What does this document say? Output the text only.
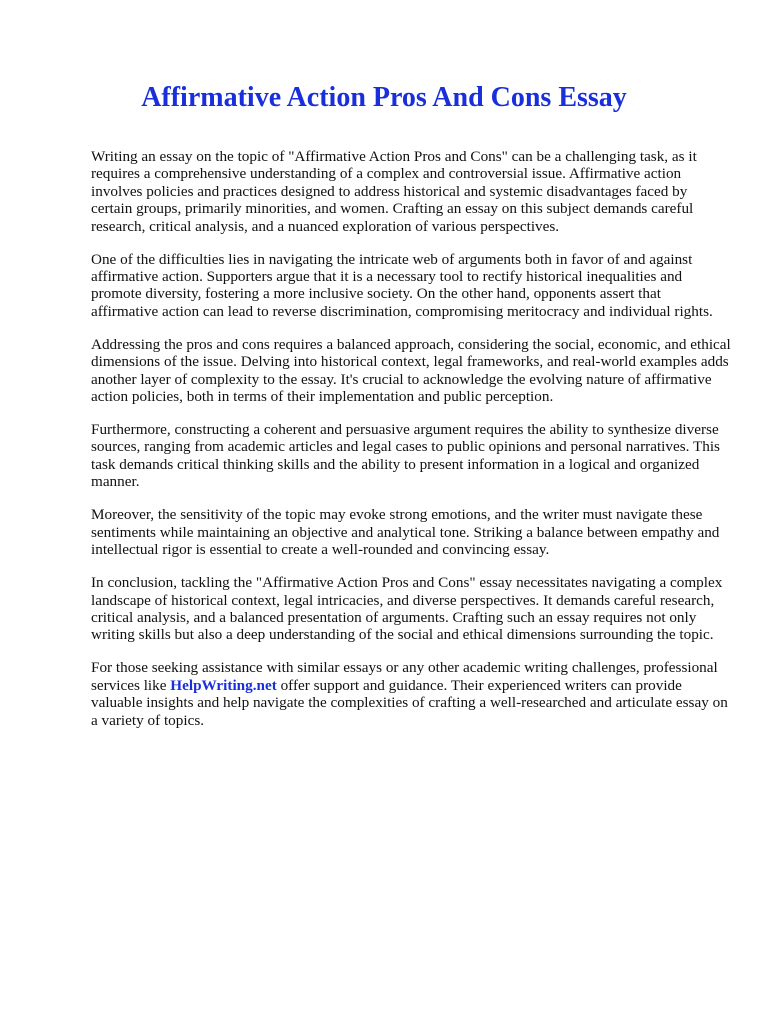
Affirmative Action Pros And Cons Essay

Writing an essay on the topic of "Affirmative Action Pros and Cons" can be a challenging task, as it requires a comprehensive understanding of a complex and controversial issue. Affirmative action involves policies and practices designed to address historical and systemic disadvantages faced by certain groups, primarily minorities, and women. Crafting an essay on this subject demands careful research, critical analysis, and a nuanced exploration of various perspectives.

One of the difficulties lies in navigating the intricate web of arguments both in favor of and against affirmative action. Supporters argue that it is a necessary tool to rectify historical inequalities and promote diversity, fostering a more inclusive society. On the other hand, opponents assert that affirmative action can lead to reverse discrimination, compromising meritocracy and individual rights.

Addressing the pros and cons requires a balanced approach, considering the social, economic, and ethical dimensions of the issue. Delving into historical context, legal frameworks, and real-world examples adds another layer of complexity to the essay. It's crucial to acknowledge the evolving nature of affirmative action policies, both in terms of their implementation and public perception.

Furthermore, constructing a coherent and persuasive argument requires the ability to synthesize diverse sources, ranging from academic articles and legal cases to public opinions and personal narratives. This task demands critical thinking skills and the ability to present information in a logical and organized manner.

Moreover, the sensitivity of the topic may evoke strong emotions, and the writer must navigate these sentiments while maintaining an objective and analytical tone. Striking a balance between empathy and intellectual rigor is essential to create a well-rounded and convincing essay.

In conclusion, tackling the "Affirmative Action Pros and Cons" essay necessitates navigating a complex landscape of historical context, legal intricacies, and diverse perspectives. It demands careful research, critical analysis, and a balanced presentation of arguments. Crafting such an essay requires not only writing skills but also a deep understanding of the social and ethical dimensions surrounding the topic.

For those seeking assistance with similar essays or any other academic writing challenges, professional services like HelpWriting.net offer support and guidance. Their experienced writers can provide valuable insights and help navigate the complexities of crafting a well-researched and articulate essay on a variety of topics.
